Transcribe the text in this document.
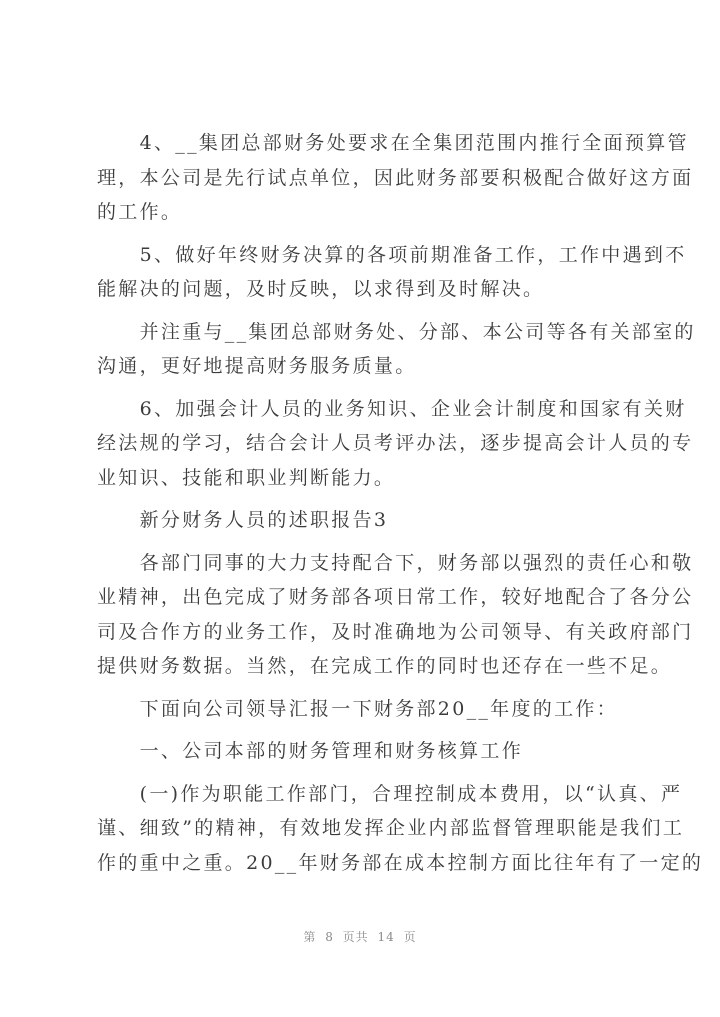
　　4、__集团总部财务处要求在全集团范围内推行全面预算管
理，本公司是先行试点单位，因此财务部要积极配合做好这方面
的工作。
　　5、做好年终财务决算的各项前期准备工作，工作中遇到不
能解决的问题，及时反映，以求得到及时解决。
　　并注重与__集团总部财务处、分部、本公司等各有关部室的
沟通，更好地提高财务服务质量。
　　6、加强会计人员的业务知识、企业会计制度和国家有关财
经法规的学习，结合会计人员考评办法，逐步提高会计人员的专
业知识、技能和职业判断能力。
　　新分财务人员的述职报告3
　　各部门同事的大力支持配合下，财务部以强烈的责任心和敬
业精神，出色完成了财务部各项日常工作，较好地配合了各分公
司及合作方的业务工作，及时准确地为公司领导、有关政府部门
提供财务数据。当然，在完成工作的同时也还存在一些不足。
　　下面向公司领导汇报一下财务部20__年度的工作：
　　一、公司本部的财务管理和财务核算工作
　　(一)作为职能工作部门，合理控制成本费用，以“认真、严
谨、细致”的精神，有效地发挥企业内部监督管理职能是我们工
作的重中之重。20__年财务部在成本控制方面比往年有了一定的
第 8 页共 14 页
